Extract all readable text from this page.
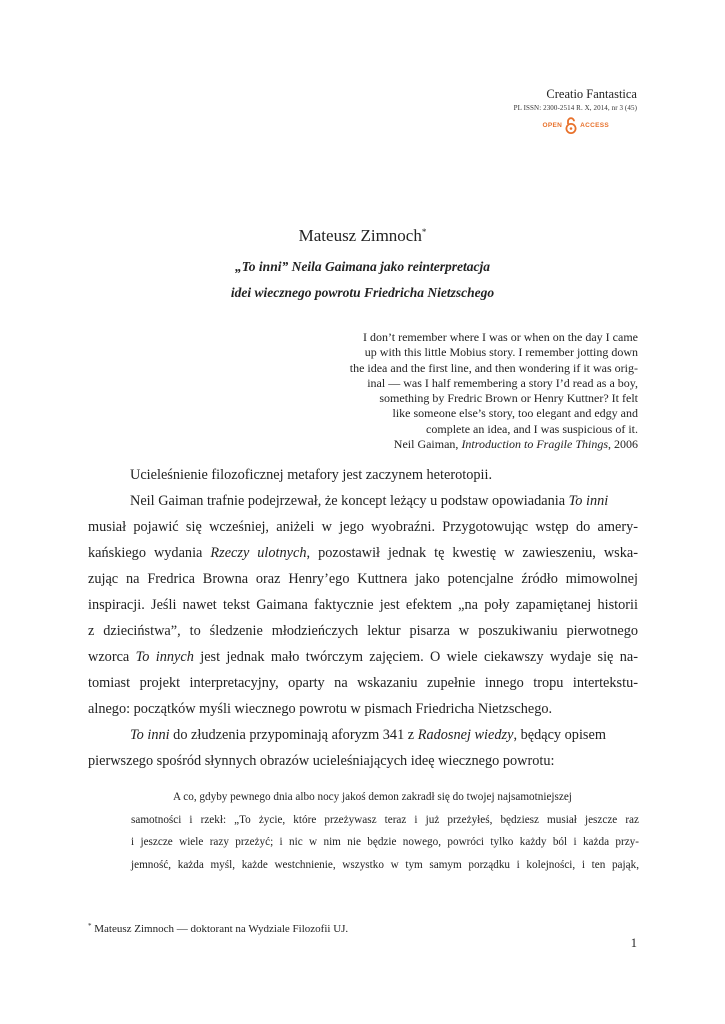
Creatio Fantastica
PL ISSN: 2300-2514 R. X, 2014, nr 3 (45)
OPEN	ACCESS
Mateusz Zimnoch*
„To inni” Neila Gaimana jako reinterpretacja
idei wiecznego powrotu Friedricha Nietzschego
I don’t remember where I was or when on the day I came
up with this little Mobius story. I remember jotting down
the idea and the first line, and then wondering if it was orig-
inal — was I half remembering a story I’d read as a boy,
something by Fredric Brown or Henry Kuttner? It felt
like someone else’s story, too elegant and edgy and
complete an idea, and I was suspicious of it.
Neil Gaiman, Introduction to Fragile Things, 2006
Ucieleśnienie filozoficznej metafory jest zaczynem heterotopii.
Neil Gaiman trafnie podejrzewał, że koncept leżący u podstaw opowiadania To inni
musiał pojawić się wcześniej, aniżeli w jego wyobraźni. Przygotowując wstęp do amery-
kańskiego wydania Rzeczy ulotnych, pozostawił jednak tę kwestię w zawieszeniu, wska-
zując na Fredrica Browna oraz Henry’ego Kuttnera jako potencjalne źródło mimowolnej
inspiracji. Jeśli nawet tekst Gaimana faktycznie jest efektem „na poły zapamiętanej historii
z dzieciństwa”, to śledzenie młodzieńczych lektur pisarza w poszukiwaniu pierwotnego
wzorca To innych jest jednak mało twórczym zajęciem. O wiele ciekawszy wydaje się na-
tomiast projekt interpretacyjny, oparty na wskazaniu zupełnie innego tropu intertekstu-
alnego: początków myśli wiecznego powrotu w pismach Friedricha Nietzschego.
To inni do złudzenia przypominają aforyzm 341 z Radosnej wiedzy, będący opisem
pierwszego spośród słynnych obrazów ucieleśniających ideę wiecznego powrotu:
A co, gdyby pewnego dnia albo nocy jakoś demon zakradł się do twojej najsamotniejszej
samotności i rzekł: „To życie, które przeżywasz teraz i już przeżyłeś, będziesz musiał jeszcze raz
i jeszcze wiele razy przeżyć; i nic w nim nie będzie nowego, powróci tylko każdy ból i każda przy-
jemność, każda myśl, każde westchnienie, wszystko w tym samym porządku i kolejności, i ten pająk,
* Mateusz Zimnoch — doktorant na Wydziale Filozofii UJ.
1
